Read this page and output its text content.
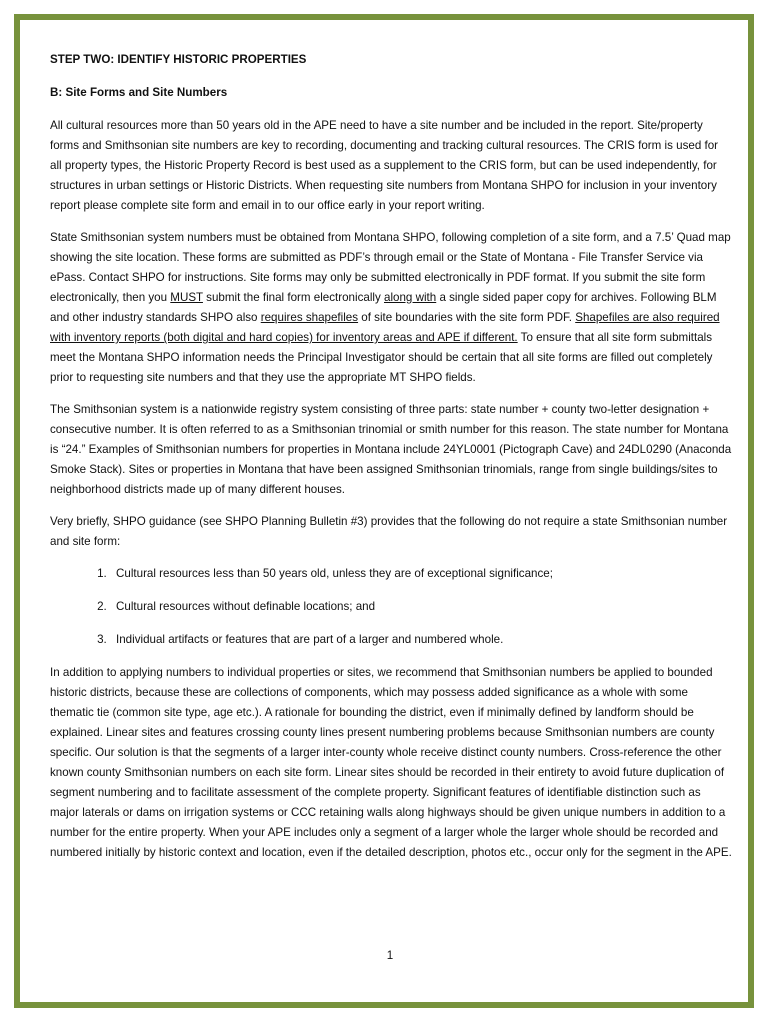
STEP TWO: IDENTIFY HISTORIC PROPERTIES
B: Site Forms and Site Numbers

All cultural resources more than 50 years old in the APE need to have a site number and be included in the report. Site/property forms and Smithsonian site numbers are key to recording, documenting and tracking cultural resources. The CRIS form is used for all property types, the Historic Property Record is best used as a supplement to the CRIS form, but can be used independently, for structures in urban settings or Historic Districts. When requesting site numbers from Montana SHPO for inclusion in your inventory report please complete site form and email in to our office early in your report writing.

State Smithsonian system numbers must be obtained from Montana SHPO, following completion of a site form, and a 7.5’ Quad map showing the site location. These forms are submitted as PDF’s through email or the State of Montana - File Transfer Service via ePass. Contact SHPO for instructions. Site forms may only be submitted electronically in PDF format. If you submit the site form electronically, then you MUST submit the final form electronically along with a single sided paper copy for archives. Following BLM and other industry standards SHPO also requires shapefiles of site boundaries with the site form PDF. Shapefiles are also required with inventory reports (both digital and hard copies) for inventory areas and APE if different. To ensure that all site form submittals meet the Montana SHPO information needs the Principal Investigator should be certain that all site forms are filled out completely prior to requesting site numbers and that they use the appropriate MT SHPO fields.

The Smithsonian system is a nationwide registry system consisting of three parts: state number + county two-letter designation + consecutive number. It is often referred to as a Smithsonian trinomial or smith number for this reason. The state number for Montana is “24.” Examples of Smithsonian numbers for properties in Montana include 24YL0001 (Pictograph Cave) and 24DL0290 (Anaconda Smoke Stack). Sites or properties in Montana that have been assigned Smithsonian trinomials, range from single buildings/sites to neighborhood districts made up of many different houses.

Very briefly, SHPO guidance (see SHPO Planning Bulletin #3) provides that the following do not require a state Smithsonian number and site form:

1. Cultural resources less than 50 years old, unless they are of exceptional significance;
2. Cultural resources without definable locations; and
3. Individual artifacts or features that are part of a larger and numbered whole.

In addition to applying numbers to individual properties or sites, we recommend that Smithsonian numbers be applied to bounded historic districts, because these are collections of components, which may possess added significance as a whole with some thematic tie (common site type, age etc.). A rationale for bounding the district, even if minimally defined by landform should be explained. Linear sites and features crossing county lines present numbering problems because Smithsonian numbers are county specific. Our solution is that the segments of a larger inter-county whole receive distinct county numbers. Cross-reference the other known county Smithsonian numbers on each site form. Linear sites should be recorded in their entirety to avoid future duplication of segment numbering and to facilitate assessment of the complete property. Significant features of identifiable distinction such as major laterals or dams on irrigation systems or CCC retaining walls along highways should be given unique numbers in addition to a number for the entire property. When your APE includes only a segment of a larger whole the larger whole should be recorded and numbered initially by historic context and location, even if the detailed description, photos etc., occur only for the segment in the APE.

1
